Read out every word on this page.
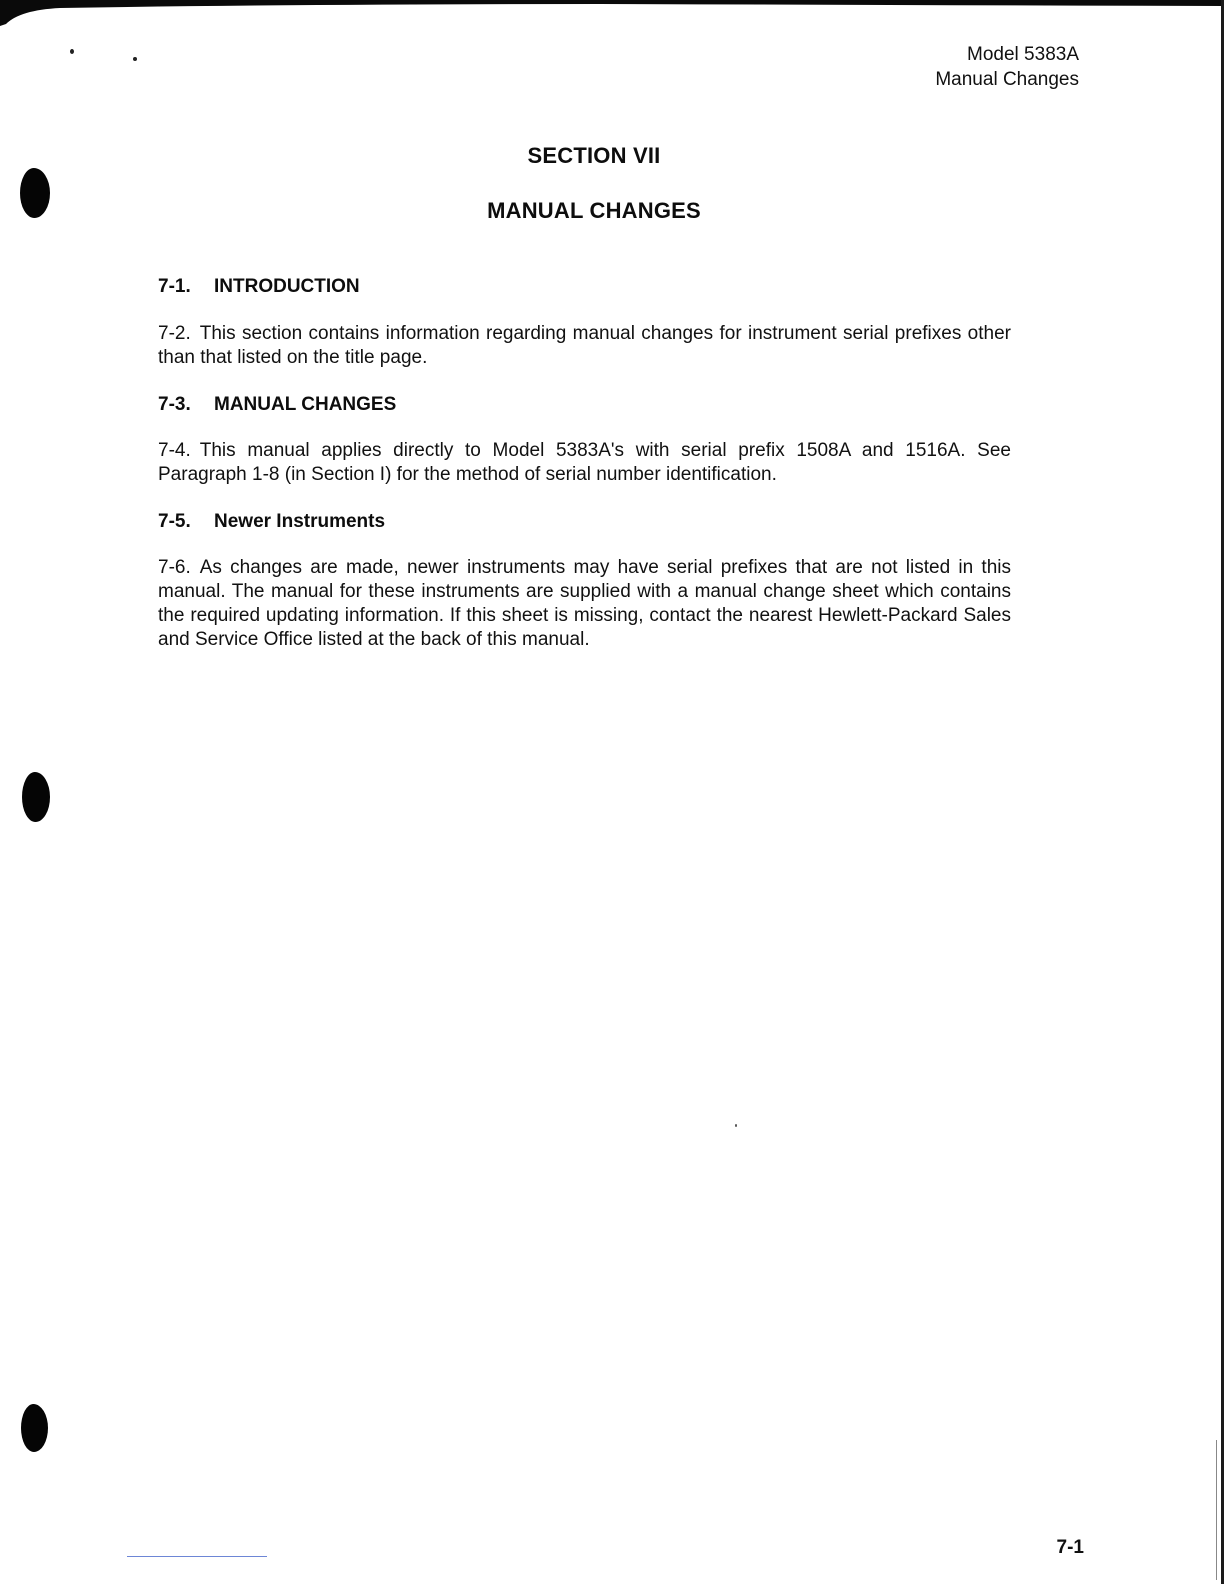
Model 5383A
Manual Changes
SECTION VII
MANUAL CHANGES
7-1. INTRODUCTION
7-2. This section contains information regarding manual changes for instrument serial prefixes other than that listed on the title page.
7-3. MANUAL CHANGES
7-4. This manual applies directly to Model 5383A's with serial prefix 1508A and 1516A. See Paragraph 1-8 (in Section I) for the method of serial number identification.
7-5. Newer Instruments
7-6. As changes are made, newer instruments may have serial prefixes that are not listed in this manual. The manual for these instruments are supplied with a manual change sheet which contains the required updating information. If this sheet is missing, contact the nearest Hewlett-Packard Sales and Service Office listed at the back of this manual.
7-1
